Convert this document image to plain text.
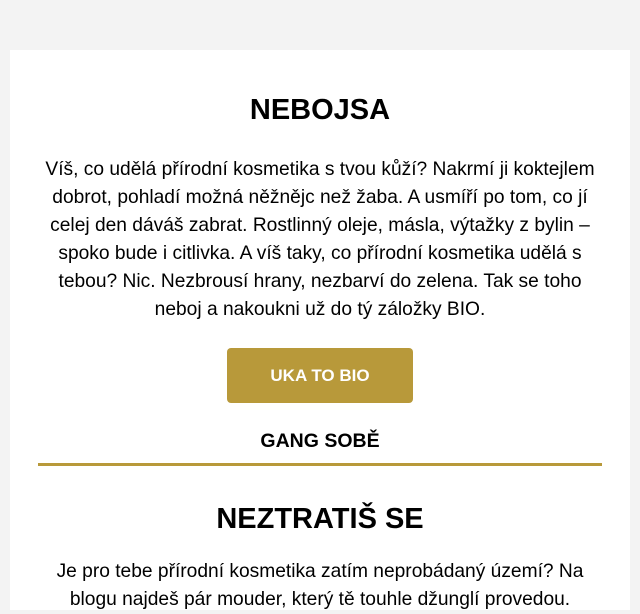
NEBOJSA

Víš, co udělá přírodní kosmetika s tvou kůží? Nakrmí ji koktejlem dobrot, pohladí možná něžnějc než žaba. A usmíří po tom, co jí celej den dáváš zabrat. Rostlinný oleje, másla, výtažky z bylin – spoko bude i citlivka. A víš taky, co přírodní kosmetika udělá s tebou? Nic. Nezbrousí hrany, nezbarví do zelena. Tak se toho neboj a nakoukni už do tý záložky BIO.

UKA TO BIO
GANG SOBĚ
NEZTRATIŠ SE

Je pro tebe přírodní kosmetika zatím neprobádaný území? Na blogu najdeš pár mouder, který tě touhle džunglí provedou.
